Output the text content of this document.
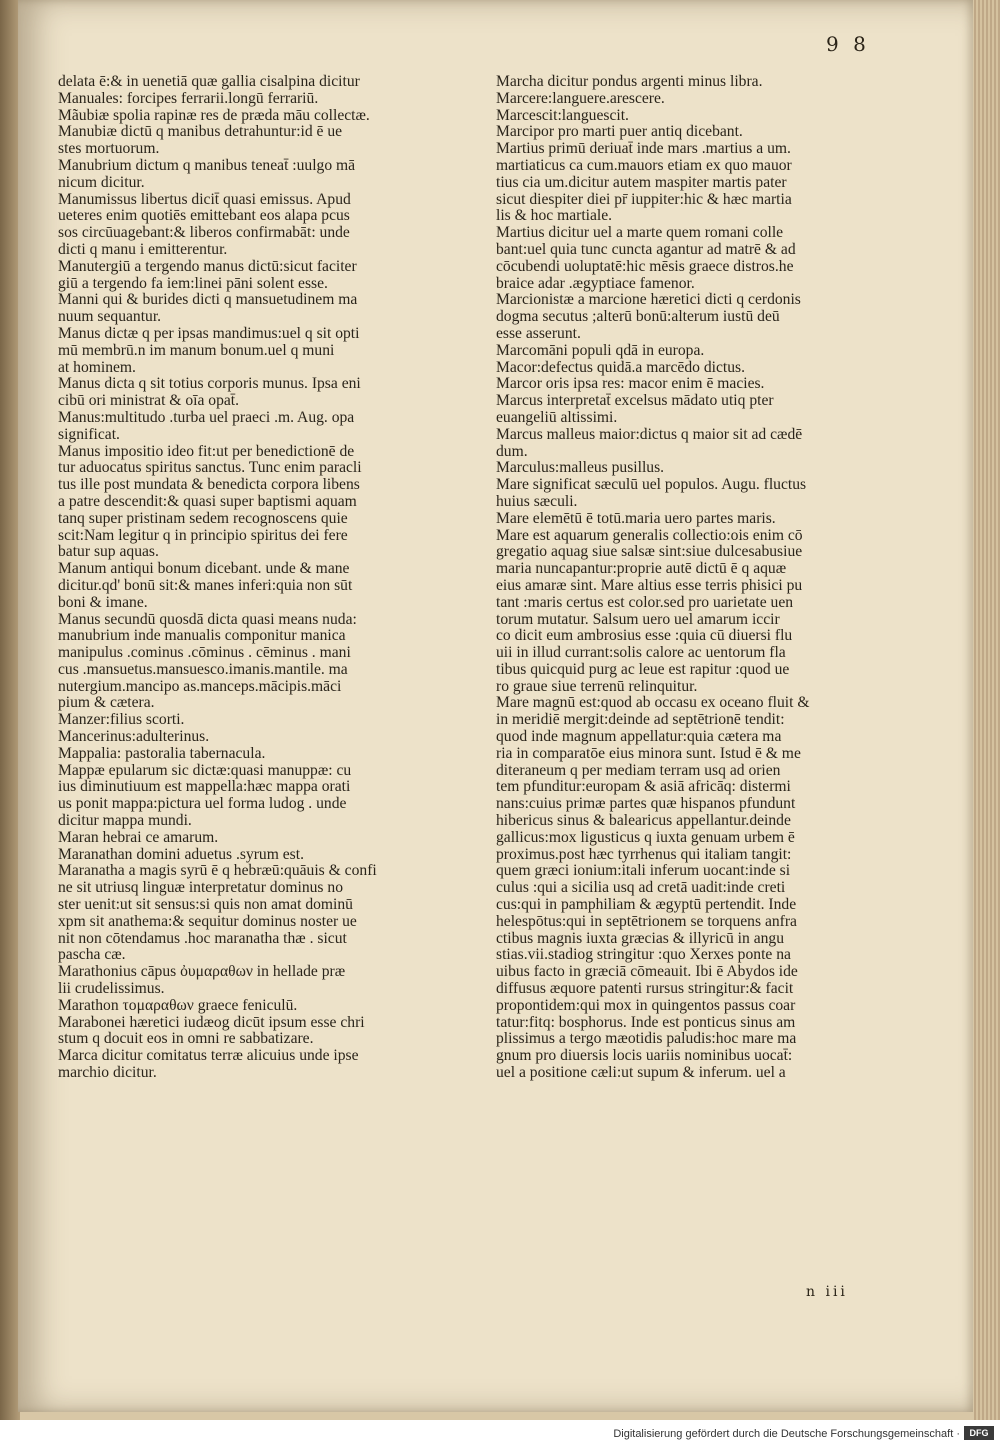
9 8
delata ē:& in uenetiā quæ gallia cisalpina dicitur
Manuales: forcipes ferrarii.longū ferrariū.
Mãubiæ spolia rapinæ res de præda māu collectæ.
Manubiæ dictū q manibus detrahuntur:id ē ue
stes mortuorum.
Manubrium dictum q manibus teneat̄ :uulgo mā
nicum dicitur.
Manumissus libertus dicit̄ quasi emissus. Apud
ueteres enim quotiēs emittebant eos alapa pcus
sos circūuagebant:& liberos confirmabāt: unde
dicti q manu i emitterentur.
Manutergiū a tergendo manus dictū:sicut faciter
giū a tergendo fa iem:linei pāni solent esse.
Manni qui & burides dicti q mansuetudinem ma
nuum sequantur.
Manus dictæ q per ipsas mandimus:uel q sit opti
mū membrū.n im manum bonum.uel q muni
at hominem.
Manus dicta q sit totius corporis munus. Ipsa eni
cibū ori ministrat & oīa opat̄.
Manus:multitudo .turba uel praeci .m. Aug. opa
significat.
Manus impositio ideo fit:ut per benedictionē de
tur aduocatus spiritus sanctus. Tunc enim paracli
tus ille post mundata & benedicta corpora libens
a patre descendit:& quasi super baptismi aquam
tanq super pristinam sedem recognoscens quie
scit:Nam legitur q in principio spiritus dei fere
batur sup aquas.
Manum antiqui bonum dicebant. unde & mane
dicitur.qd' bonū sit:& manes inferi:quia non sūt
boni & imane.
Manus secundū quosdā dicta quasi means nuda:
manubrium inde manualis componitur manica
manipulus .cominus .cōminus . cēminus . mani
cus .mansuetus.mansuesco.imanis.mantile. ma
nutergium.mancipo as.manceps.mācipis.māci
pium & cætera.
Manzer:filius scorti.
Mancerinus:adulterinus.
Mappalia: pastoralia tabernacula.
Mappæ epularum sic dictæ:quasi manuppæ: cu
ius diminutiuum est mappella:hæc mappa orati
us ponit mappa:pictura uel forma ludog . unde
dicitur mappa mundi.
Maran hebrai ce amarum.
Maranathan domini aduetus .syrum est.
Maranatha a magis syrū ē q hebræū:quāuis & confi
ne sit utriusq linguæ interpretatur dominus no
ster uenit:ut sit sensus:si quis non amat dominū
xpm sit anathema:& sequitur dominus noster ue
nit non cōtendamus .hoc maranatha thæ . sicut
pascha cæ.
Marathonius cāpus ὀυμαραθων in hellade præ
lii crudelissimus.
Marathon τομαραθων graece feniculū.
Marabonei hæretici iudæog dicūt ipsum esse chri
stum q docuit eos in omni re sabbatizare.
Marca dicitur comitatus terræ alicuius unde ipse
marchio dicitur.
Marcha dicitur pondus argenti minus libra.
Marcere:languere.arescere.
Marcescit:languescit.
Marcipor pro marti puer antiq dicebant.
Martius primū deriuat̄ inde mars .martius a um.
martiaticus ca cum.mauors etiam ex quo mauor
tius cia um.dicitur autem maspiter martis pater
sicut diespiter diei pr̄ iuppiter:hic & hæc martia
lis & hoc martiale.
Martius dicitur uel a marte quem romani colle
bant:uel quia tunc cuncta agantur ad matrē & ad
cōcubendi uoluptatē:hic mēsis graece distros.he
braice adar .ægyptiace famenor.
Marcionistæ a marcione hæretici dicti q cerdonis
dogma secutus ;alterū bonū:alterum iustū deū
esse asserunt.
Marcomāni populi qdā in europa.
Macor:defectus quidā.a marcēdo dictus.
Marcor oris ipsa res: macor enim ē macies.
Marcus interpretat̄ excelsus mādato utiq pter
euangeliū altissimi.
Marcus malleus maior:dictus q maior sit ad cædē
dum.
Marculus:malleus pusillus.
Mare significat sæculū uel populos. Augu. fluctus
huius sæculi.
Mare elemētū ē totū.maria uero partes maris.
Mare est aquarum generalis collectio:ois enim cō
gregatio aquag siue salsæ sint:siue dulcesabusiue
maria nuncapantur:proprie autē dictū ē q aquæ
eius amaræ sint. Mare altius esse terris phisici pu
tant :maris certus est color.sed pro uarietate uen
torum mutatur. Salsum uero uel amarum iccir
co dicit eum ambrosius esse :quia cū diuersi flu
uii in illud currant:solis calore ac uentorum fla
tibus quicquid purg ac leue est rapitur :quod ue
ro graue siue terrenū relinquitur.
Mare magnū est:quod ab occasu ex oceano fluit &
in meridiē mergit:deinde ad septētrionē tendit:
quod inde magnum appellatur:quia cætera ma
ria in comparatōe eius minora sunt. Istud ē & me
diteraneum q per mediam terram usq ad orien
tem pfunditur:europam & asiā africāq: distermi
nans:cuius primæ partes quæ hispanos pfundunt
hibericus sinus & balearicus appellantur.deinde
gallicus:mox ligusticus q iuxta genuam urbem ē
proximus.post hæc tyrrhenus qui italiam tangit:
quem græci ionium:itali inferum uocant:inde si
culus :qui a sicilia usq ad cretā uadit:inde creti
cus:qui in pamphiliam & ægyptū pertendit. Inde
helespōtus:qui in septētrionem se torquens anfra
ctibus magnis iuxta græcias & illyricū in angu
stias.vii.stadiog stringitur :quo Xerxes ponte na
uibus facto in græciā cōmeauit. Ibi ē Abydos ide
diffusus æquore patenti rursus stringitur:& facit
propontidem:qui mox in quingentos passus coar
tatur:fitq: bosphorus. Inde est ponticus sinus am
plissimus a tergo mæotidis paludis:hoc mare ma
gnum pro diuersis locis uariis nominibus uocat̄:
uel a positione cæli:ut supum & inferum. uel a
n iii
Digitalisierung gefördert durch die Deutsche Forschungsgemeinschaft ·	DFG
